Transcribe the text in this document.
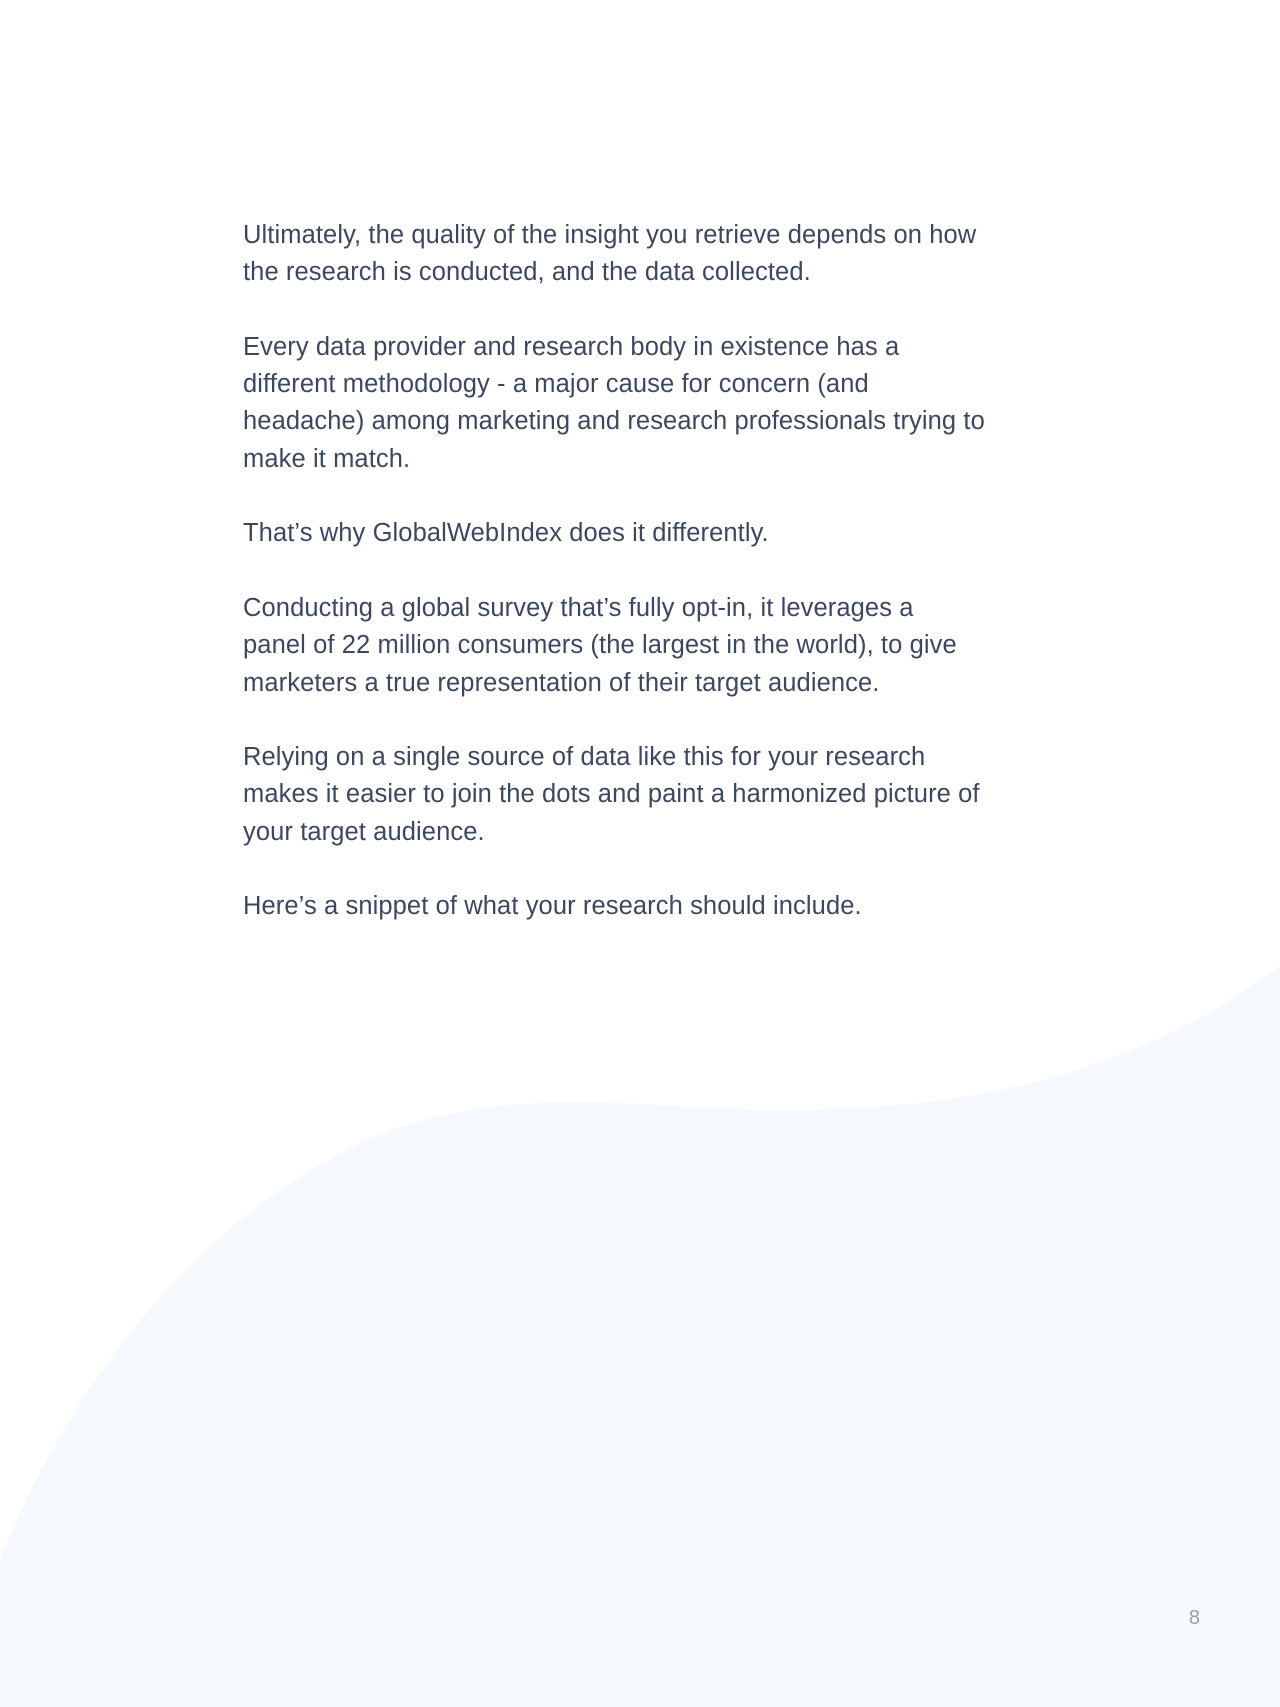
Ultimately, the quality of the insight you retrieve depends on how
the research is conducted, and the data collected.

Every data provider and research body in existence has a
different methodology - a major cause for concern (and
headache) among marketing and research professionals trying to
make it match.

That’s why GlobalWebIndex does it differently.

Conducting a global survey that’s fully opt-in, it leverages a
panel of 22 million consumers (the largest in the world), to give
marketers a true representation of their target audience.

Relying on a single source of data like this for your research
makes it easier to join the dots and paint a harmonized picture of
your target audience.

Here’s a snippet of what your research should include.

8
